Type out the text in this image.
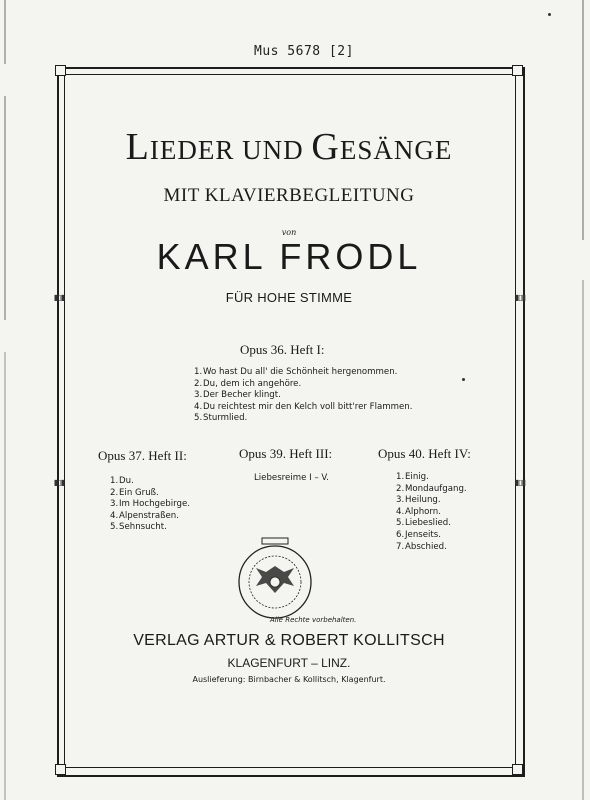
Mus 5678 [2]
▮▯▮
▮▯▮
▮▯▮
▮▯▮
LIEDER UND GESÄNGE
MIT KLAVIERBEGLEITUNG
von
KARL FRODL
FÜR HOHE STIMME
Opus 36. Heft I:
1.Wo hast Du all' die Schönheit hergenommen.
2.Du, dem ich angehöre.
3.Der Becher klingt.
4.Du reichtest mir den Kelch voll bitt'rer Flammen.
5.Sturmlied.
Opus 37. Heft II:
1.Du.
2.Ein Gruß.
3.Im Hochgebirge.
4.Alpenstraßen.
5.Sehnsucht.
Opus 39. Heft III:
Liebesreime I – V.
Opus 40. Heft IV:
1.Einig.
2.Mondaufgang.
3.Heilung.
4.Alphorn.
5.Liebeslied.
6.Jenseits.
7.Abschied.
Alle Rechte vorbehalten.
VERLAG ARTUR & ROBERT KOLLITSCH
KLAGENFURT – LINZ.
Auslieferung: Birnbacher & Kollitsch, Klagenfurt.
